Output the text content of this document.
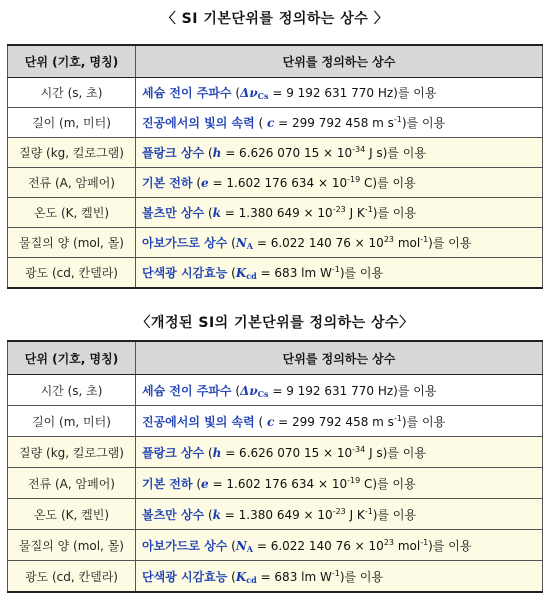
〈 SI 기본단위를 정의하는 상수 〉
단위 (기호, 명칭)	단위를 정의하는 상수
시간 (s, 초)	세슘 전이 주파수 ($\Delta\nu_{Cs} = 9$ 192 631 770 Hz)를 이용
길이 (m, 미터)	진공에서의 빛의 속력 ( c = 299 792 458 m $s^{-1}$)를 이용
질량 (kg, 킬로그램)	플랑크 상수 (h = 6.626 070 $15 \times 10^{-34}$ J s)를 이용
전류 (A, 암페어)	기본 전하 (e = 1.602 176 $634 \times 10^{-19}$ C)를 이용
온도 (K, 켈빈)	볼츠만 상수 (k = 1.380 $649 \times 10^{-23}$ J $K^{-1}$)를 이용
물질의 양 (mol, 몰)	아보가드로 상수 ($N_A = 6.022$ 140 $76 \times 10^{23}$ mol$^{-1}$)를 이용
광도 (cd, 칸델라)	단색광 시감효능 ($K_{cd} = 683$ lm $W^{-1}$)를 이용
〈개정된 SI의 기본단위를 정의하는 상수〉
단위 (기호, 명칭)	단위를 정의하는 상수
시간 (s, 초)	세슘 전이 주파수 ($\Delta\nu_{Cs} = 9$ 192 631 770 Hz)를 이용
길이 (m, 미터)	진공에서의 빛의 속력 ( c = 299 792 458 m $s^{-1}$)를 이용
질량 (kg, 킬로그램)	플랑크 상수 (h = 6.626 070 $15 \times 10^{-34}$ J s)를 이용
전류 (A, 암페어)	기본 전하 (e = 1.602 176 $634 \times 10^{-19}$ C)를 이용
온도 (K, 켈빈)	볼츠만 상수 (k = 1.380 $649 \times 10^{-23}$ J $K^{-1}$)를 이용
물질의 양 (mol, 몰)	아보가드로 상수 ($N_A = 6.022$ 140 $76 \times 10^{23}$ mol$^{-1}$)를 이용
광도 (cd, 칸델라)	단색광 시감효능 ($K_{cd} = 683$ lm $W^{-1}$)를 이용
